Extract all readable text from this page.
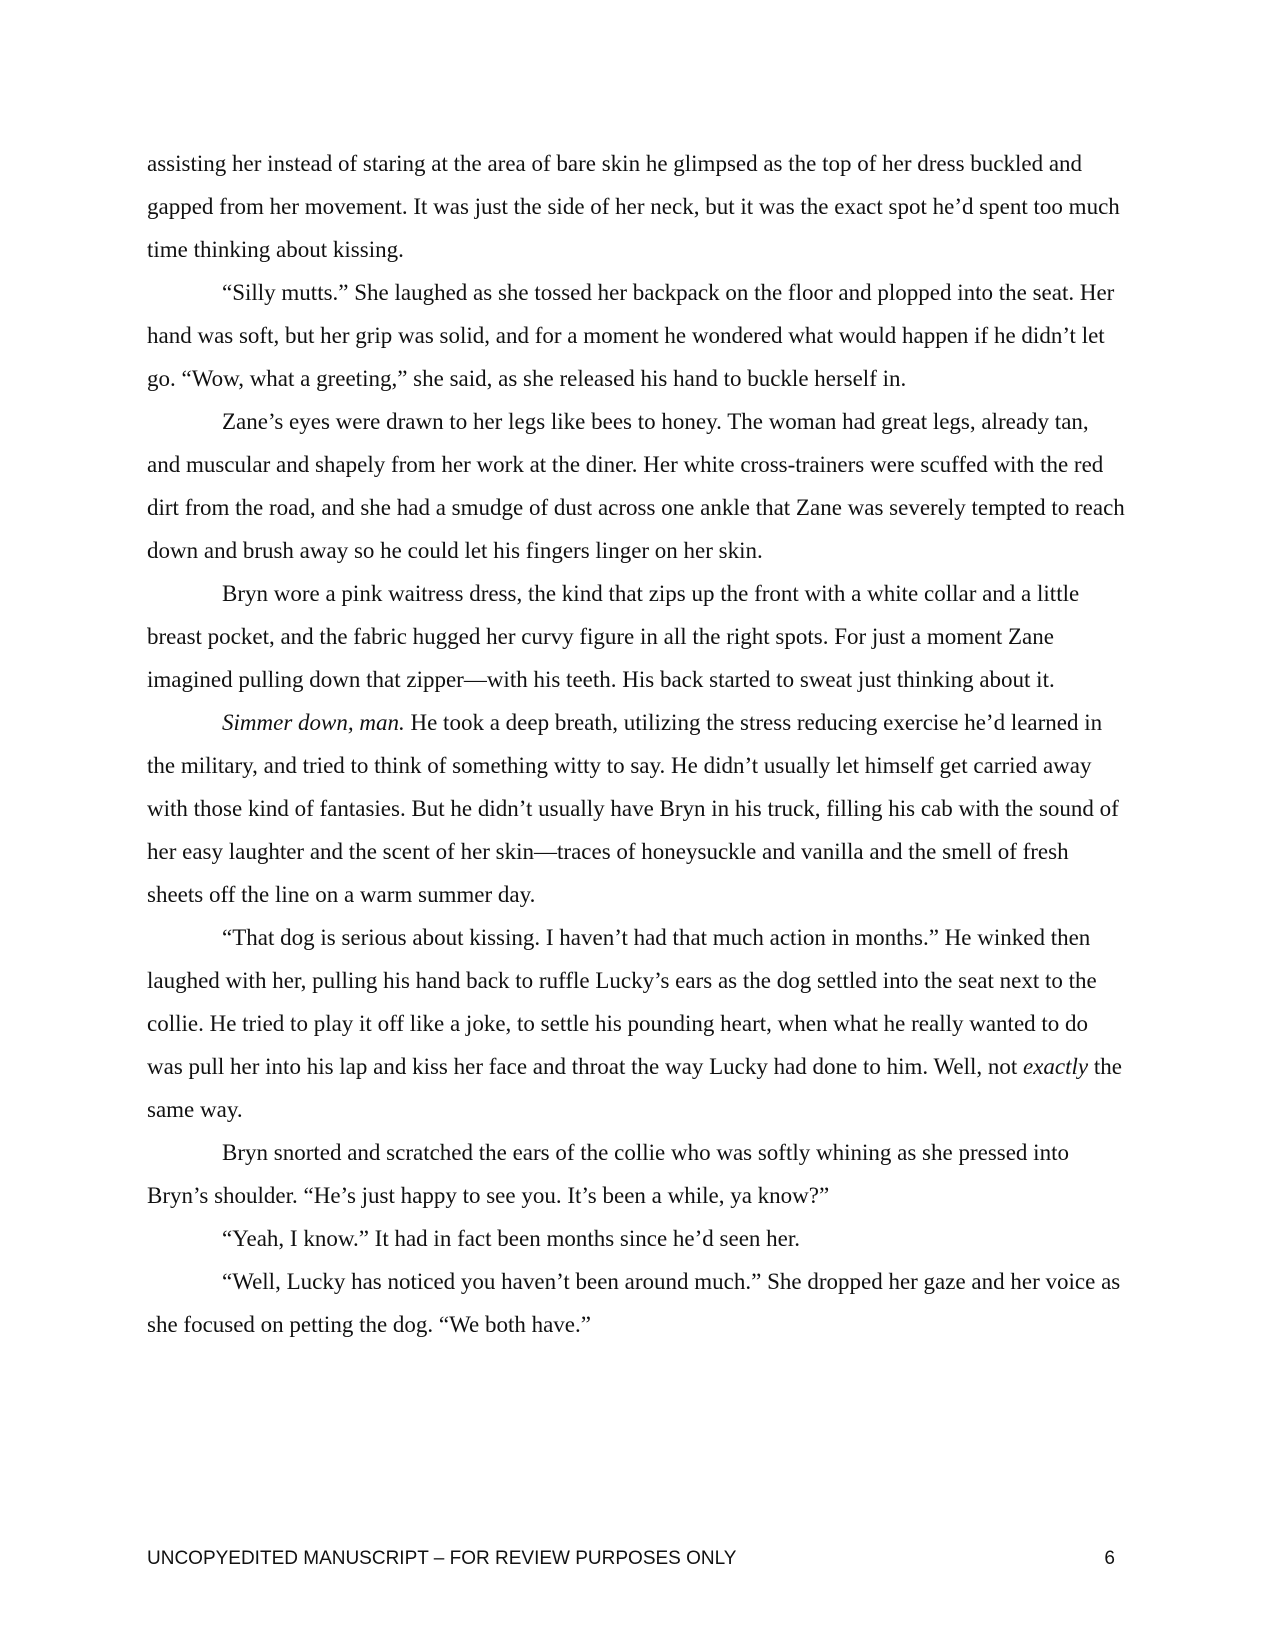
assisting her instead of staring at the area of bare skin he glimpsed as the top of her dress buckled and gapped from her movement. It was just the side of her neck, but it was the exact spot he’d spent too much time thinking about kissing.

“Silly mutts.” She laughed as she tossed her backpack on the floor and plopped into the seat. Her hand was soft, but her grip was solid, and for a moment he wondered what would happen if he didn’t let go. “Wow, what a greeting,” she said, as she released his hand to buckle herself in.

Zane’s eyes were drawn to her legs like bees to honey. The woman had great legs, already tan, and muscular and shapely from her work at the diner. Her white cross-trainers were scuffed with the red dirt from the road, and she had a smudge of dust across one ankle that Zane was severely tempted to reach down and brush away so he could let his fingers linger on her skin.

Bryn wore a pink waitress dress, the kind that zips up the front with a white collar and a little breast pocket, and the fabric hugged her curvy figure in all the right spots. For just a moment Zane imagined pulling down that zipper—with his teeth. His back started to sweat just thinking about it.

Simmer down, man. He took a deep breath, utilizing the stress reducing exercise he’d learned in the military, and tried to think of something witty to say. He didn’t usually let himself get carried away with those kind of fantasies. But he didn’t usually have Bryn in his truck, filling his cab with the sound of her easy laughter and the scent of her skin—traces of honeysuckle and vanilla and the smell of fresh sheets off the line on a warm summer day.

“That dog is serious about kissing. I haven’t had that much action in months.” He winked then laughed with her, pulling his hand back to ruffle Lucky’s ears as the dog settled into the seat next to the collie. He tried to play it off like a joke, to settle his pounding heart, when what he really wanted to do was pull her into his lap and kiss her face and throat the way Lucky had done to him. Well, not exactly the same way.

Bryn snorted and scratched the ears of the collie who was softly whining as she pressed into Bryn’s shoulder. “He’s just happy to see you. It’s been a while, ya know?”

“Yeah, I know.” It had in fact been months since he’d seen her.

“Well, Lucky has noticed you haven’t been around much.” She dropped her gaze and her voice as she focused on petting the dog. “We both have.”

UNCOPYEDITED MANUSCRIPT – FOR REVIEW PURPOSES ONLY	6
